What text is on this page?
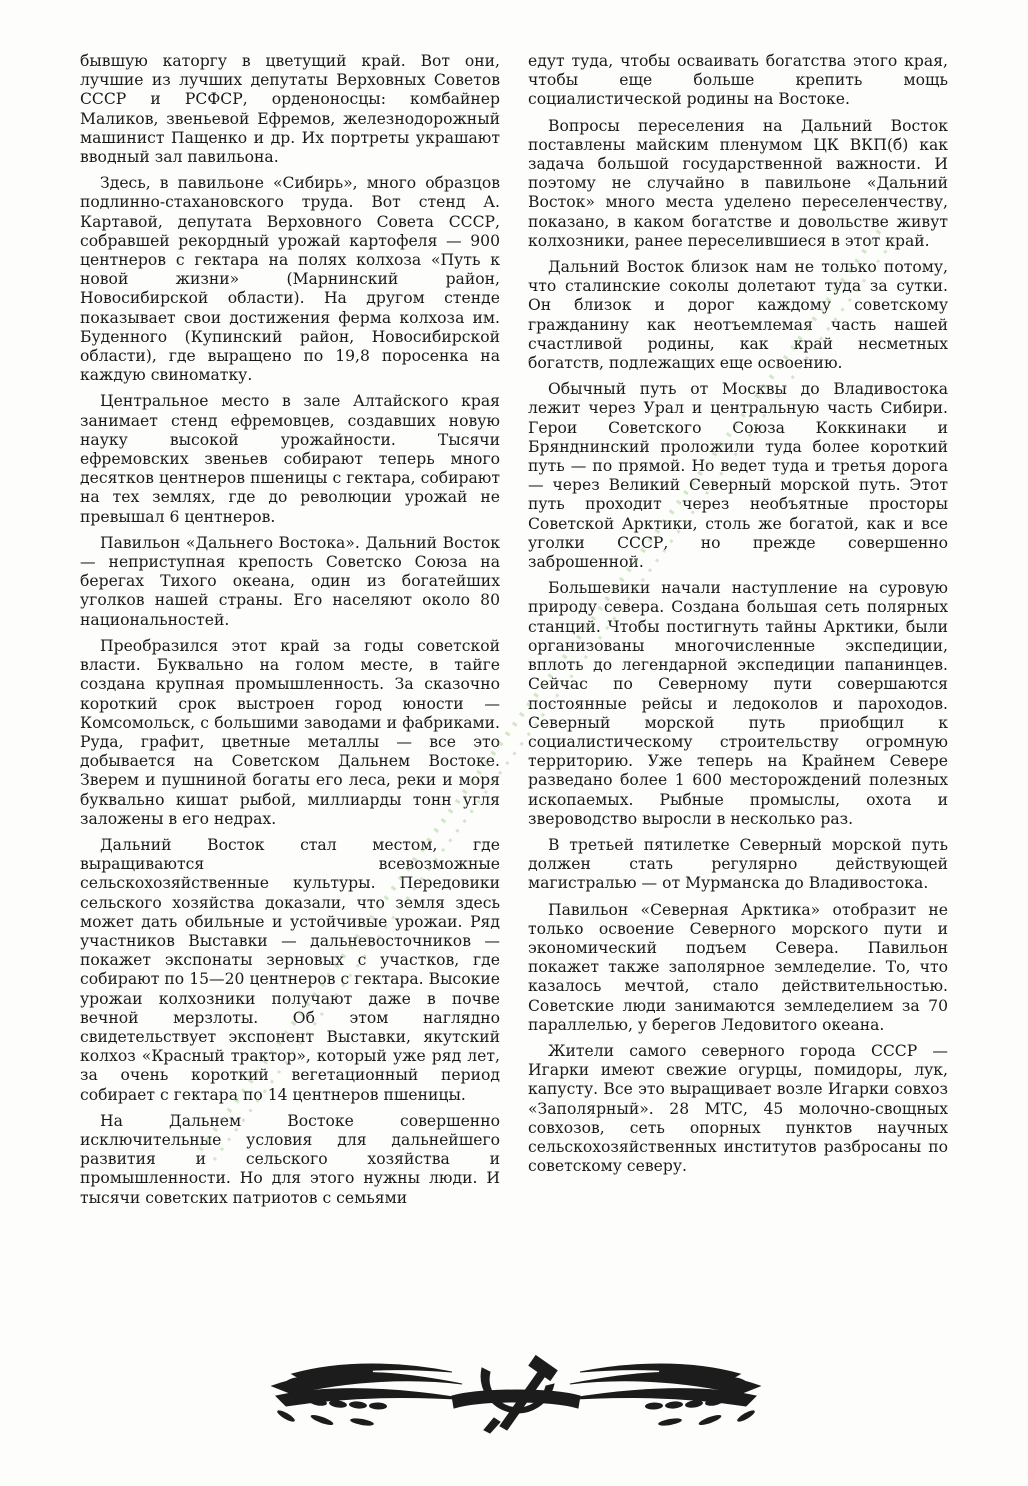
бывшую каторгу в цветущий край. Вот они, лучшие из лучших депутаты Верховных Советов СССР и РСФСР, орденоносцы: комбайнер Маликов, звеньевой Ефремов, железнодорожный машинист Пащенко и др. Их портреты украшают вводный зал павильона.

Здесь, в павильоне «Сибирь», много образцов подлинно-стахановского труда. Вот стенд А. Картавой, депутата Верховного Совета СССР, собравшей рекордный урожай картофеля — 900 центнеров с гектара на полях колхоза «Путь к новой жизни» (Марнинский район, Новосибирской области). На другом стенде показывает свои достижения ферма колхоза им. Буденного (Купинский район, Новосибирской области), где выращено по 19,8 поросенка на каждую свиноматку.

Центральное место в зале Алтайского края занимает стенд ефремовцев, создавших новую науку высокой урожайности. Тысячи ефремовских звеньев собирают теперь много десятков центнеров пшеницы с гектара, собирают на тех землях, где до революции урожай не превышал 6 центнеров.

Павильон «Дальнего Востока». Дальний Восток — неприступная крепость Советско Союза на берегах Тихого океана, один из богатейших уголков нашей страны. Его населяют около 80 национальностей.

Преобразился этот край за годы советской власти. Буквально на голом месте, в тайге создана крупная промышленность. За сказочно короткий срок выстроен город юности — Комсомольск, с большими заводами и фабриками. Руда, графит, цветные металлы — все это добывается на Советском Дальнем Востоке. Зверем и пушниной богаты его леса, реки и моря буквально кишат рыбой, миллиарды тонн угля заложены в его недрах.

Дальний Восток стал местом, где выращиваются всевозможные сельскохозяйственные культуры. Передовики сельского хозяйства доказали, что земля здесь может дать обильные и устойчивые урожаи. Ряд участников Выставки — дальневосточников — покажет экспонаты зерновых с участков, где собирают по 15—20 центнеров с гектара. Высокие урожаи колхозники получают даже в почве вечной мерзлоты. Об этом наглядно свидетельствует экспонент Выставки, якутский колхоз «Красный трактор», который уже ряд лет, за очень короткий вегетационный период собирает с гектара по 14 центнеров пшеницы.

На Дальнем Востоке совершенно исключительные условия для дальнейшего развития и сельского хозяйства и промышленности. Но для этого нужны люди. И тысячи советских патриотов с семьями

едут туда, чтобы осваивать богатства этого края, чтобы еще больше крепить мощь социалистической родины на Востоке.

Вопросы переселения на Дальний Восток поставлены майским пленумом ЦК ВКП(б) как задача большой государственной важности. И поэтому не случайно в павильоне «Дальний Восток» много места уделено переселенчеству, показано, в каком богатстве и довольстве живут колхозники, ранее переселившиеся в этот край.

Дальний Восток близок нам не только потому, что сталинские соколы долетают туда за сутки. Он близок и дорог каждому советскому гражданину как неотъемлемая часть нашей счастливой родины, как край несметных богатств, подлежащих еще освоению.

Обычный путь от Москвы до Владивостока лежит через Урал и центральную часть Сибири. Герои Советского Союза Коккинаки и Брянднинский проложили туда более короткий путь — по прямой. Но ведет туда и третья дорога — через Великий Северный морской путь. Этот путь проходит через необъятные просторы Советской Арктики, столь же богатой, как и все уголки СССР, но прежде совершенно заброшенной.

Большевики начали наступление на суровую природу севера. Создана большая сеть полярных станций. Чтобы постигнуть тайны Арктики, были организованы многочисленные экспедиции, вплоть до легендарной экспедиции папанинцев. Сейчас по Северному пути совершаются постоянные рейсы и ледоколов и пароходов. Северный морской путь приобщил к социалистическому строительству огромную территорию. Уже теперь на Крайнем Севере разведано более 1 600 месторождений полезных ископаемых. Рыбные промыслы, охота и звероводство выросли в несколько раз.

В третьей пятилетке Северный морской путь должен стать регулярно действующей магистралью — от Мурманска до Владивостока.

Павильон «Северная Арктика» отобразит не только освоение Северного морского пути и экономический подъем Севера. Павильон покажет также заполярное земледелие. То, что казалось мечтой, стало действительностью. Советские люди занимаются земледелием за 70 параллелью, у берегов Ледовитого океана.

Жители самого северного города СССР — Игарки имеют свежие огурцы, помидоры, лук, капусту. Все это выращивает возле Игарки совхоз «Заполярный». 28 МТС, 45 молочно-свощных совхозов, сеть опорных пунктов научных сельскохозяйственных институтов разбросаны по советскому северу.
